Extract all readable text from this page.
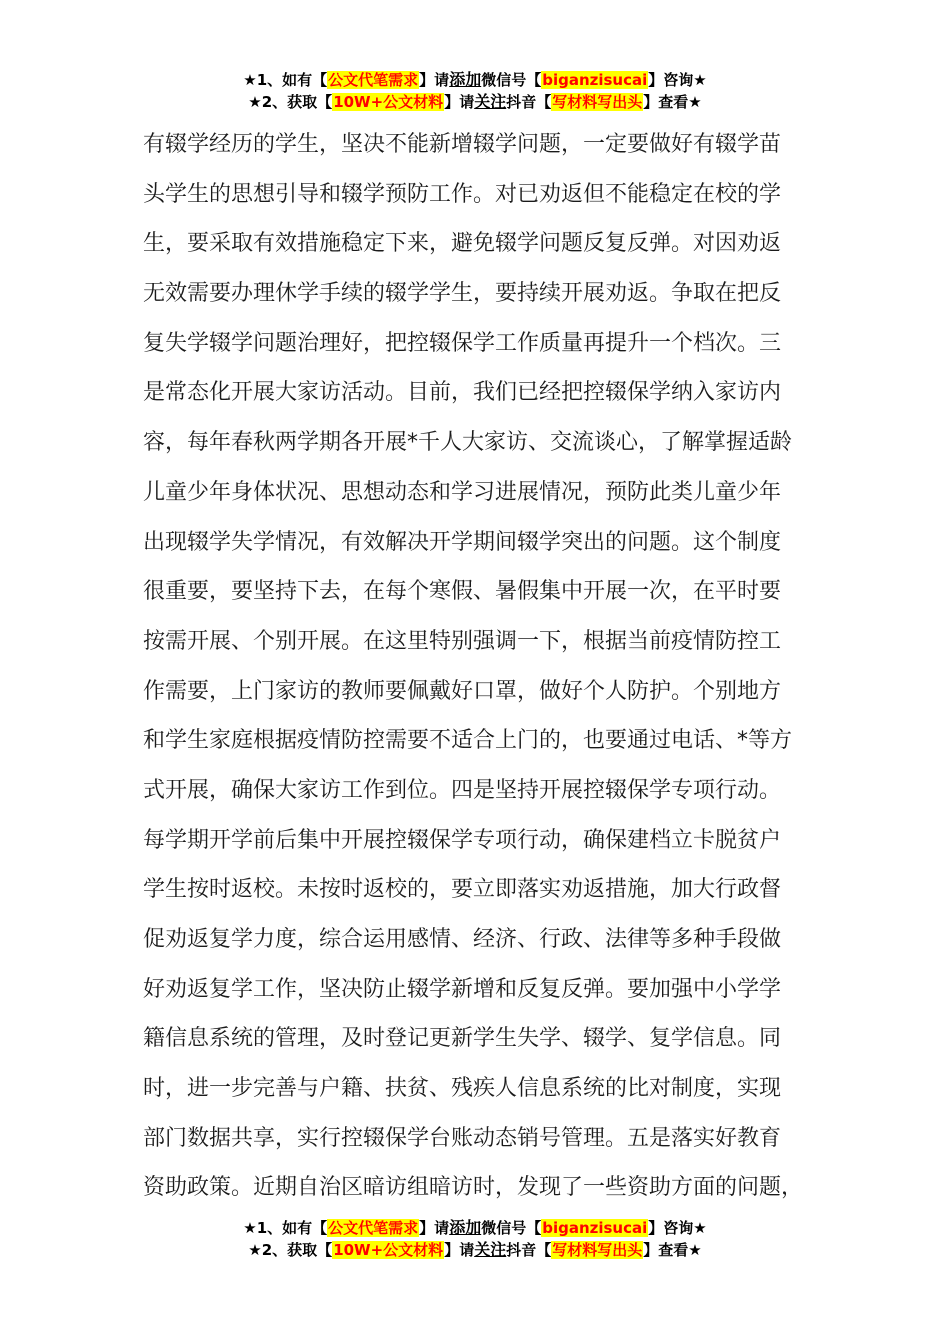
★1、如有【公文代笔需求】请添加微信号【biganzisucai】咨询★
★2、获取【10W+公文材料】请关注抖音【写材料写出头】查看★
有辍学经历的学生，坚决不能新增辍学问题，一定要做好有辍学苗
头学生的思想引导和辍学预防工作。对已劝返但不能稳定在校的学
生，要采取有效措施稳定下来，避免辍学问题反复反弹。对因劝返
无效需要办理休学手续的辍学学生，要持续开展劝返。争取在把反
复失学辍学问题治理好，把控辍保学工作质量再提升一个档次。三
是常态化开展大家访活动。目前，我们已经把控辍保学纳入家访内
容，每年春秋两学期各开展*千人大家访、交流谈心，了解掌握适龄
儿童少年身体状况、思想动态和学习进展情况，预防此类儿童少年
出现辍学失学情况，有效解决开学期间辍学突出的问题。这个制度
很重要，要坚持下去，在每个寒假、暑假集中开展一次，在平时要
按需开展、个别开展。在这里特别强调一下，根据当前疫情防控工
作需要，上门家访的教师要佩戴好口罩，做好个人防护。个别地方
和学生家庭根据疫情防控需要不适合上门的，也要通过电话、*等方
式开展，确保大家访工作到位。四是坚持开展控辍保学专项行动。
每学期开学前后集中开展控辍保学专项行动，确保建档立卡脱贫户
学生按时返校。未按时返校的，要立即落实劝返措施，加大行政督
促劝返复学力度，综合运用感情、经济、行政、法律等多种手段做
好劝返复学工作，坚决防止辍学新增和反复反弹。要加强中小学学
籍信息系统的管理，及时登记更新学生失学、辍学、复学信息。同
时，进一步完善与户籍、扶贫、残疾人信息系统的比对制度，实现
部门数据共享，实行控辍保学台账动态销号管理。五是落实好教育
资助政策。近期自治区暗访组暗访时，发现了一些资助方面的问题，
★1、如有【公文代笔需求】请添加微信号【biganzisucai】咨询★
★2、获取【10W+公文材料】请关注抖音【写材料写出头】查看★
